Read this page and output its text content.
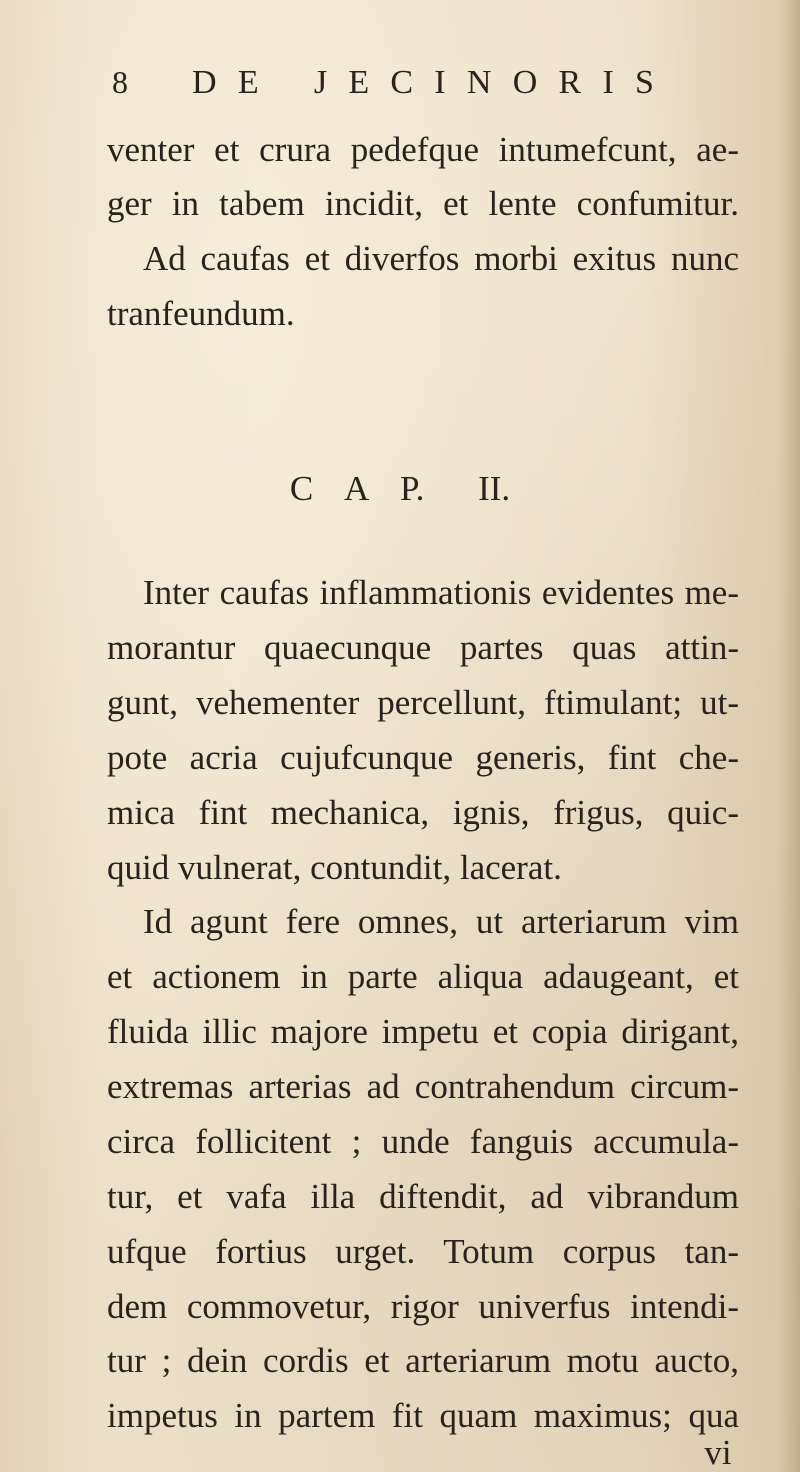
8 D E J E C I N O R I S
venter et crura pedefque intumefcunt, ae-
ger in tabem incidit, et lente confumitur.
Ad caufas et diverfos morbi exitus nunc
tranfeundum.
C A P. II.
Inter caufas inflammationis evidentes me-
morantur quaecunque partes quas attin-
gunt, vehementer percellunt, ftimulant; ut-
pote acria cujufcunque generis, fint che-
mica fint mechanica, ignis, frigus, quic-
quid vulnerat, contundit, lacerat.
Id agunt fere omnes, ut arteriarum vim
et actionem in parte aliqua adaugeant, et
fluida illic majore impetu et copia dirigant,
extremas arterias ad contrahendum circum-
circa follicitent ; unde fanguis accumula-
tur, et vafa illa diftendit, ad vibrandum
ufque fortius urget. Totum corpus tan-
dem commovetur, rigor univerfus intendi-
tur ; dein cordis et arteriarum motu aucto,
impetus in partem fit quam maximus; qua
vi
